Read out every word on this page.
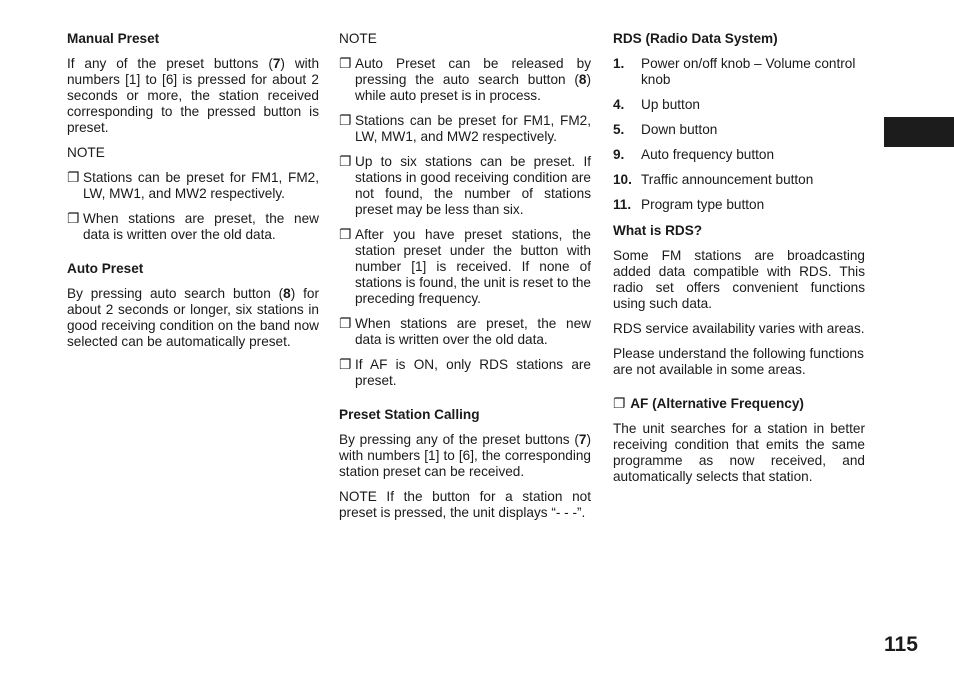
Manual Preset

If any of the preset buttons (7) with numbers [1] to [6] is pressed for about 2 seconds or more, the station received corresponding to the pressed button is preset.

NOTE

❐ Stations can be preset for FM1, FM2, LW, MW1, and MW2 respectively.
❐ When stations are preset, the new data is written over the old data.
Auto Preset

By pressing auto search button (8) for about 2 seconds or longer, six stations in good receiving condition on the band now selected can be automatically preset.

NOTE

❐ Auto Preset can be released by pressing the auto search button (8) while auto preset is in process.
❐ Stations can be preset for FM1, FM2, LW, MW1, and MW2 respectively.
❐ Up to six stations can be preset. If stations in good receiving condition are not found, the number of stations preset may be less than six.
❐ After you have preset stations, the station preset under the button with number [1] is received. If none of stations is found, the unit is reset to the preceding frequency.
❐ When stations are preset, the new data is written over the old data.
❐ If AF is ON, only RDS stations are preset.
Preset Station Calling

By pressing any of the preset buttons (7) with numbers [1] to [6], the corresponding station preset can be received.

NOTE If the button for a station not preset is pressed, the unit displays “- - -”.

RDS (Radio Data System)
1. Power on/off knob – Volume control knob
4. Up button
5. Down button
9. Auto frequency button
10. Traffic announcement button
11. Program type button
What is RDS?

Some FM stations are broadcasting added data compatible with RDS. This radio set offers convenient functions using such data.

RDS service availability varies with areas.

Please understand the following functions are not available in some areas.

❐ AF (Alternative Frequency)

The unit searches for a station in better receiving condition that emits the same programme as now received, and automatically selects that station.

115
